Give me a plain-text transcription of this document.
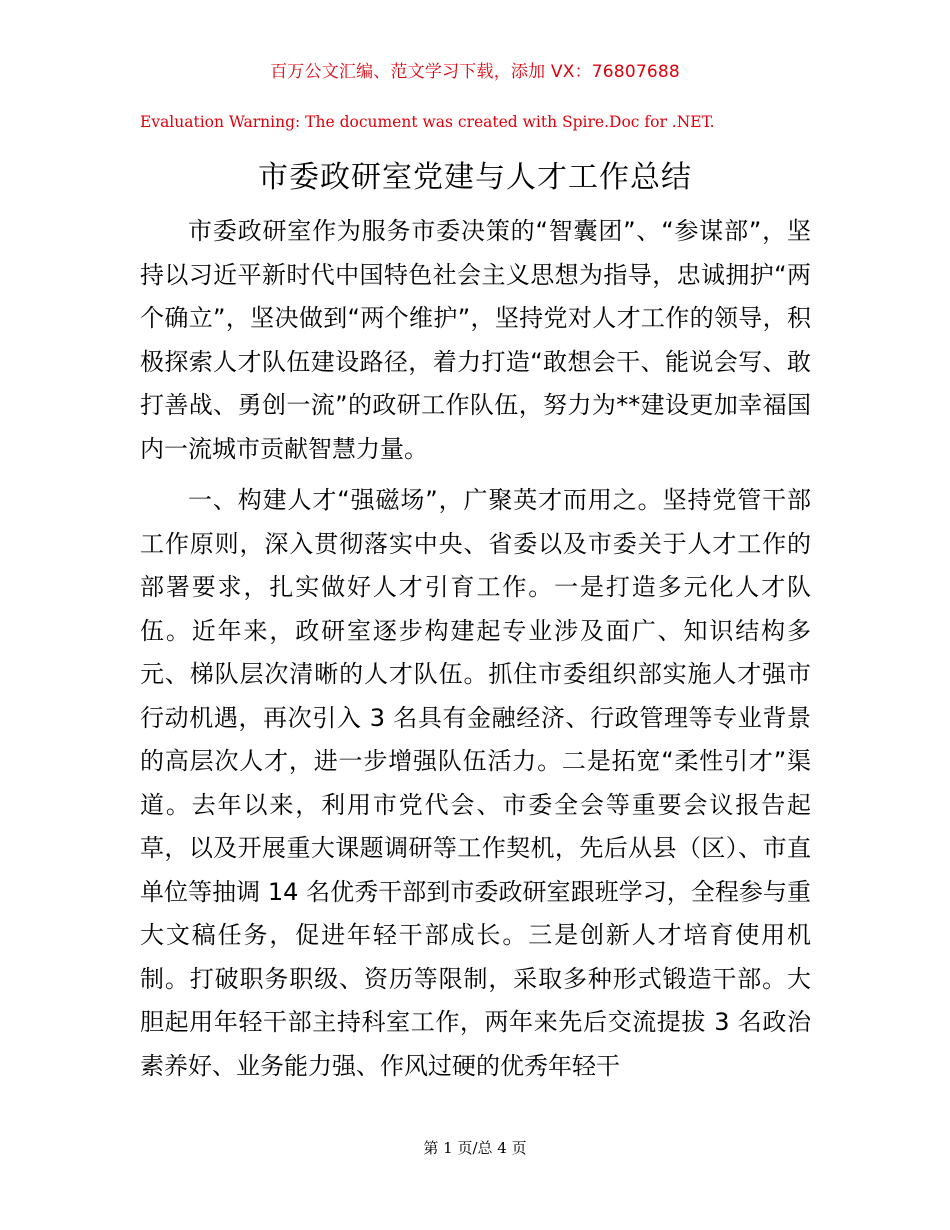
百万公文汇编、范文学习下载，添加 VX：76807688
Evaluation Warning: The document was created with Spire.Doc for .NET.
市委政研室党建与人才工作总结

市委政研室作为服务市委决策的“智囊团”、“参谋部”，坚持以习近平新时代中国特色社会主义思想为指导，忠诚拥护“两个确立”，坚决做到“两个维护”，坚持党对人才工作的领导，积极探索人才队伍建设路径，着力打造“敢想会干、能说会写、敢打善战、勇创一流”的政研工作队伍，努力为**建设更加幸福国内一流城市贡献智慧力量。

一、构建人才“强磁场”，广聚英才而用之。坚持党管干部工作原则，深入贯彻落实中央、省委以及市委关于人才工作的部署要求，扎实做好人才引育工作。一是打造多元化人才队伍。近年来，政研室逐步构建起专业涉及面广、知识结构多元、梯队层次清晰的人才队伍。抓住市委组织部实施人才强市行动机遇，再次引入 3 名具有金融经济、行政管理等专业背景的高层次人才，进一步增强队伍活力。二是拓宽“柔性引才”渠道。去年以来，利用市党代会、市委全会等重要会议报告起草，以及开展重大课题调研等工作契机，先后从县（区）、市直单位等抽调 14 名优秀干部到市委政研室跟班学习，全程参与重大文稿任务，促进年轻干部成长。三是创新人才培育使用机制。打破职务职级、资历等限制，采取多种形式锻造干部。大胆起用年轻干部主持科室工作，两年来先后交流提拔 3 名政治素养好、业务能力强、作风过硬的优秀年轻干

第 1 页/总 4 页
